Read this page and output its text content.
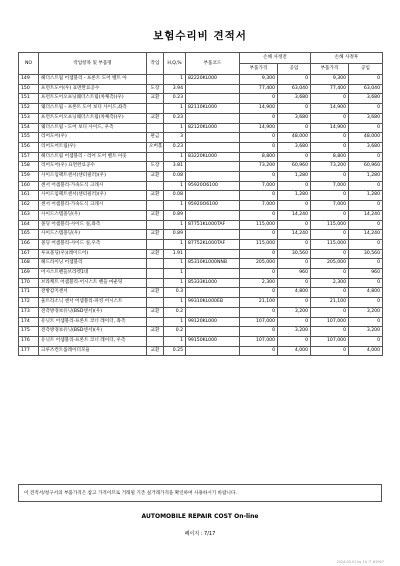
보험수리비 견적서
NO	작업항목 및 부품명	작업	H,Q,%	부품코드	손해 사정전		손해 사정후	
					부품가격	공임	부품가격	공임
149	헤더스트립 어셈블리 - 프론트 도어 벨트 아		1	82220KL000	9,300	0	9,300	0
150	프런트도어(우) 표면완료공수	도장	3.94		77,400	63,040	77,400	63,040
151	프런트도어오프닝웨더스트립(차체측)(우)	교환	0.23		0	3,680	0	3,680
152	웨더스트립 - 프론트 도어 보디 사이드,좌측		1	82110KL000	14,900	0	14,900	0
153	프런트도어오프닝웨더스트립(차체측)(우)	교환	0.23		0	3,680	0	3,680
154	웨더스트립 - 도어 보디 사이드, 우측		1	82120KL000	14,900	0	14,900	0
155	리어도어(우)	판금	3		0	48,000	0	48,000
156	리어도어트림(우)	오버홀	0.23		0	3,680	0	3,680
157	헤더스트립 어셈블리 - 리어 도어 벨트 아웃		1	83220KL000	8,800	0	8,800	0
158	리어도어(우) 표면완료공수	도장	3.81		73,200	60,960	73,200	60,960
159	사이드임팩트센서(센터필러)(우)	교환	0.08		0	1,280	0	1,280
160	센서 어셈블리-가속도식 크래시		1	95920O6100	7,000	0	7,000	0
161	사이드임팩트센서(센터필러)(우)	교환	0.08		0	1,280	0	1,280
162	센서 어셈블리-가속도식 크래시		1	95920O6100	7,000	0	7,000	0
163	사이드스텝몰딩(우)	교환	0.89		0	14,240	0	14,240
164	몰딩 어셈블리-사이드 실,좌측		1	87751KL000TAF	115,000	0	115,000	0
165	사이드스텝몰딩(우)	교환	0.89		0	14,240	0	14,240
166	몰딩 어셈블리-사이드 실,우측		1	87752KL000TAF	115,000	0	115,000	0
167	루프몰딩(우)(레이드어)	교환	1.91		0	30,560	0	30,560
168	헤드라이닝 어셈블리		1	85310KL000NNB	205,000	0	205,000	0
169	어시스트핸들브라켓1대		1		0	960	0	960
170	브라케트 어셈블리-어시스트 핸들 마운팅		1	85333KL000	2,300	0	2,300	0
171	전방감지센서	교환	0.3		0	4,800	0	4,800
172	울트라소닉 센서 어셈블리-파킹 어시스트		1	99310KL000EB	21,100	0	21,100	0
173	전측방경보유닛(BSD센서)(우)	교환	0.2		0	3,200	0	3,200
174	유닛트 어셈블리-프론트 코너 레이더, 좌측		1	99120KL000	107,000	0	107,000	0
175	전측방경보유닛(BSD센서)(우)	교환	0.2		0	3,200	0	3,200
176	유닛트 어셈블리-프론트 코너 레이더, 우측		1	99150KL000	107,000	0	107,000	0
177	크루즈컨트롤레이더모듈	교환	0.25		0	4,000	0	4,000
이 견적서/청구서의 부품가격은 참고 가격이므로 거래될 기존 실거래가격을 확인하여 사용하시기 바랍니다.
AUTOMOBILE REPAIR COST On-line
페이지 : 7/17
2024-05-01 by 1A 가 #2907
